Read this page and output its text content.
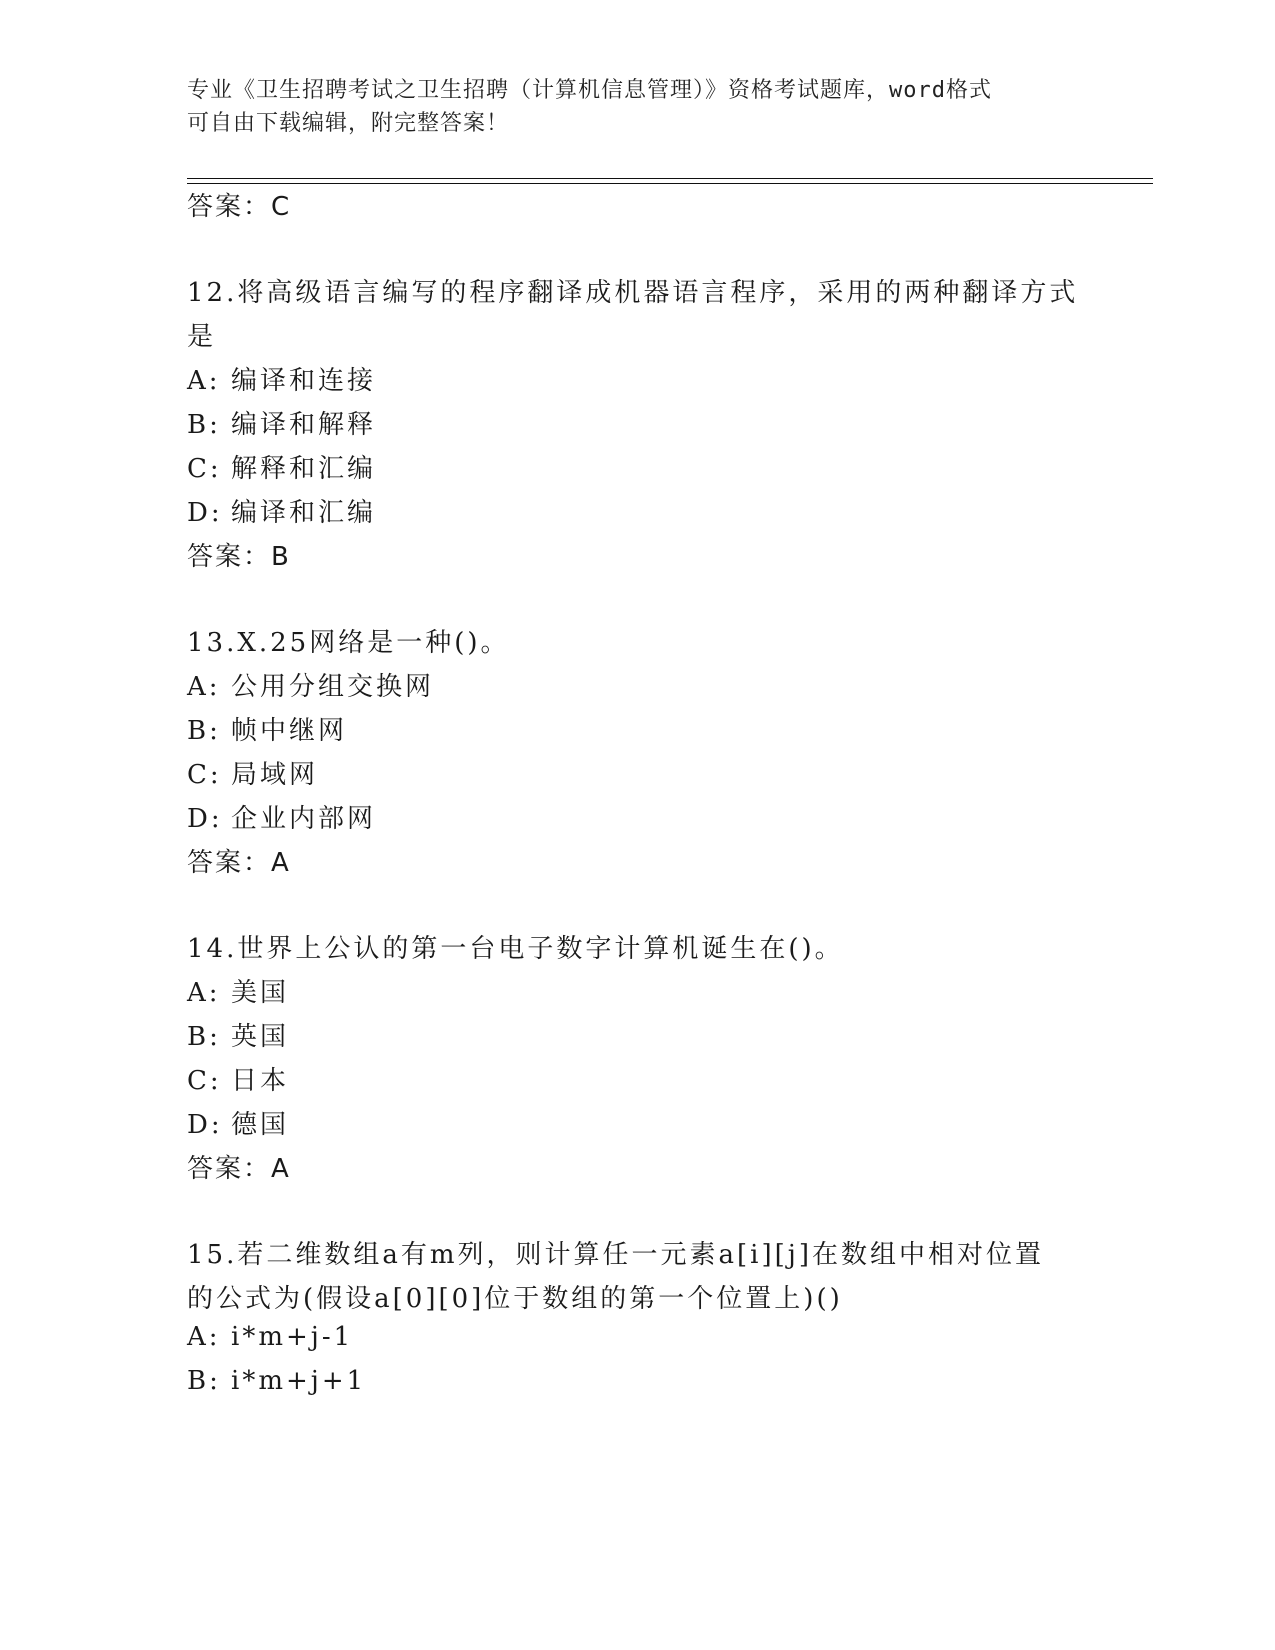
专业《卫生招聘考试之卫生招聘（计算机信息管理）》资格考试题库，word格式
可自由下载编辑，附完整答案！
答案：C
12.将高级语言编写的程序翻译成机器语言程序，采用的两种翻译方式
是
A: 编译和连接
B: 编译和解释
C: 解释和汇编
D: 编译和汇编
答案：B
13.X.25网络是一种()。
A: 公用分组交换网
B: 帧中继网
C: 局域网
D: 企业内部网
答案：A
14.世界上公认的第一台电子数字计算机诞生在()。
A: 美国
B: 英国
C: 日本
D: 德国
答案：A
15.若二维数组a有m列，则计算任一元素a[i][j]在数组中相对位置
的公式为(假设a[0][0]位于数组的第一个位置上)()
A: i*m+j-1
B: i*m+j+1
